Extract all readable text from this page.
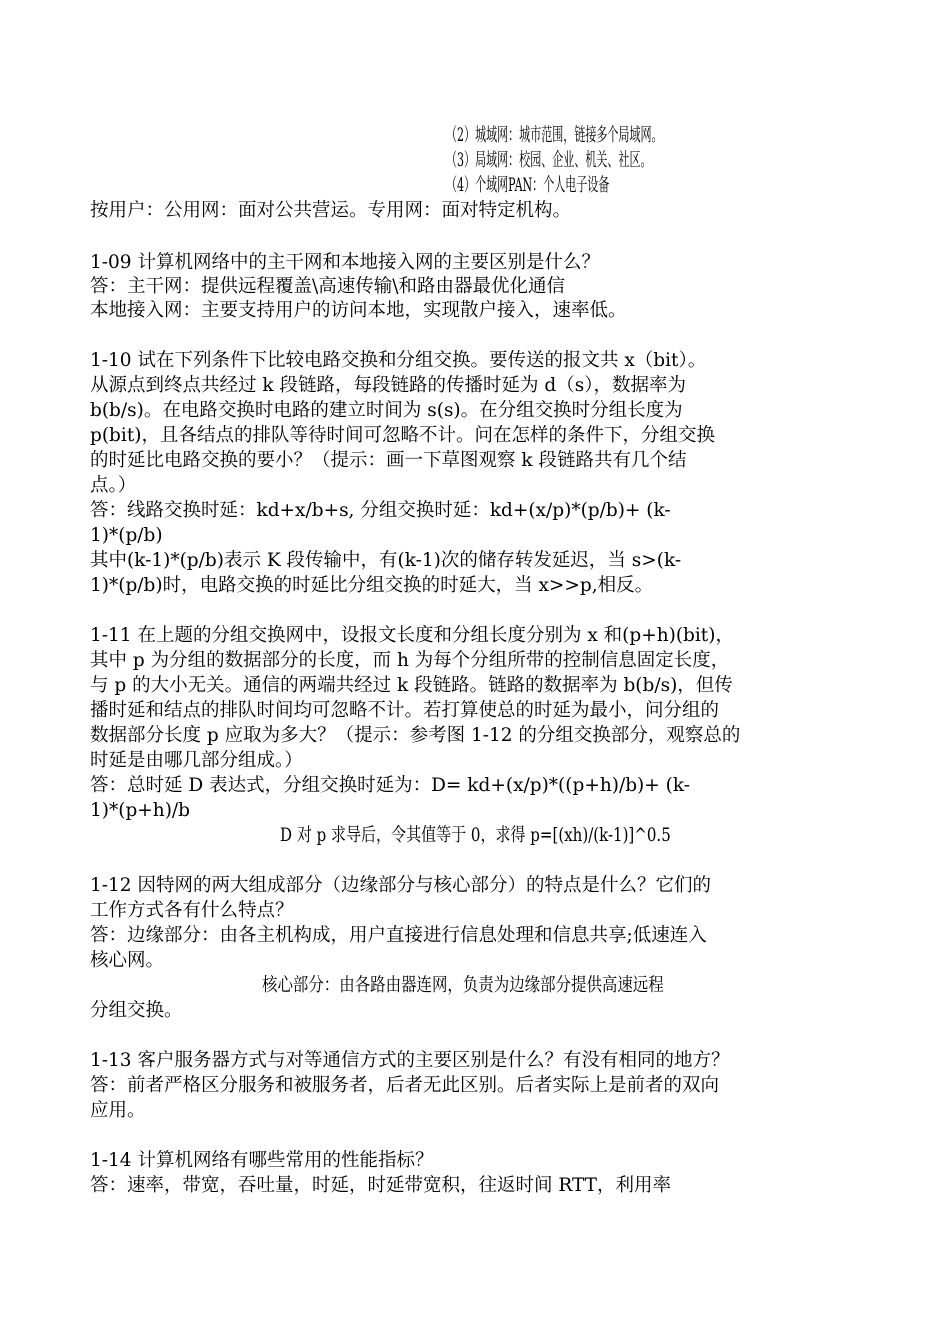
（2）城域网：城市范围，链接多个局域网。
（3）局域网：校园、企业、机关、社区。
（4）个域网PAN：个人电子设备
按用户：公用网：面对公共营运。专用网：面对特定机构。
1-09 计算机网络中的主干网和本地接入网的主要区别是什么？
答：主干网：提供远程覆盖\高速传输\和路由器最优化通信
本地接入网：主要支持用户的访问本地，实现散户接入，速率低。
1-10 试在下列条件下比较电路交换和分组交换。要传送的报文共 x（bit）。
从源点到终点共经过 k 段链路，每段链路的传播时延为 d（s），数据率为
b(b/s)。在电路交换时电路的建立时间为 s(s)。在分组交换时分组长度为
p(bit)，且各结点的排队等待时间可忽略不计。问在怎样的条件下，分组交换
的时延比电路交换的要小？（提示：画一下草图观察 k 段链路共有几个结
点。）
答：线路交换时延：kd+x/b+s, 分组交换时延：kd+(x/p)*(p/b)+ (k-
1)*(p/b)
其中(k-1)*(p/b)表示 K 段传输中，有(k-1)次的储存转发延迟，当 s>(k-
1)*(p/b)时，电路交换的时延比分组交换的时延大，当 x>>p,相反。
1-11 在上题的分组交换网中，设报文长度和分组长度分别为 x 和(p+h)(bit)，
其中 p 为分组的数据部分的长度，而 h 为每个分组所带的控制信息固定长度，
与 p 的大小无关。通信的两端共经过 k 段链路。链路的数据率为 b(b/s)，但传
播时延和结点的排队时间均可忽略不计。若打算使总的时延为最小，问分组的
数据部分长度 p 应取为多大？（提示：参考图 1-12 的分组交换部分，观察总的
时延是由哪几部分组成。）
答：总时延 D 表达式，分组交换时延为：D= kd+(x/p)*((p+h)/b)+ (k-
1)*(p+h)/b
D 对 p 求导后，令其值等于 0，求得 p=[(xh)/(k-1)]^0.5
1-12 因特网的两大组成部分（边缘部分与核心部分）的特点是什么？它们的
工作方式各有什么特点？
答：边缘部分：由各主机构成，用户直接进行信息处理和信息共享;低速连入
核心网。
核心部分：由各路由器连网，负责为边缘部分提供高速远程
分组交换。
1-13 客户服务器方式与对等通信方式的主要区别是什么？有没有相同的地方？
答：前者严格区分服务和被服务者，后者无此区别。后者实际上是前者的双向
应用。
1-14 计算机网络有哪些常用的性能指标？
答：速率，带宽，吞吐量，时延，时延带宽积，往返时间 RTT，利用率
